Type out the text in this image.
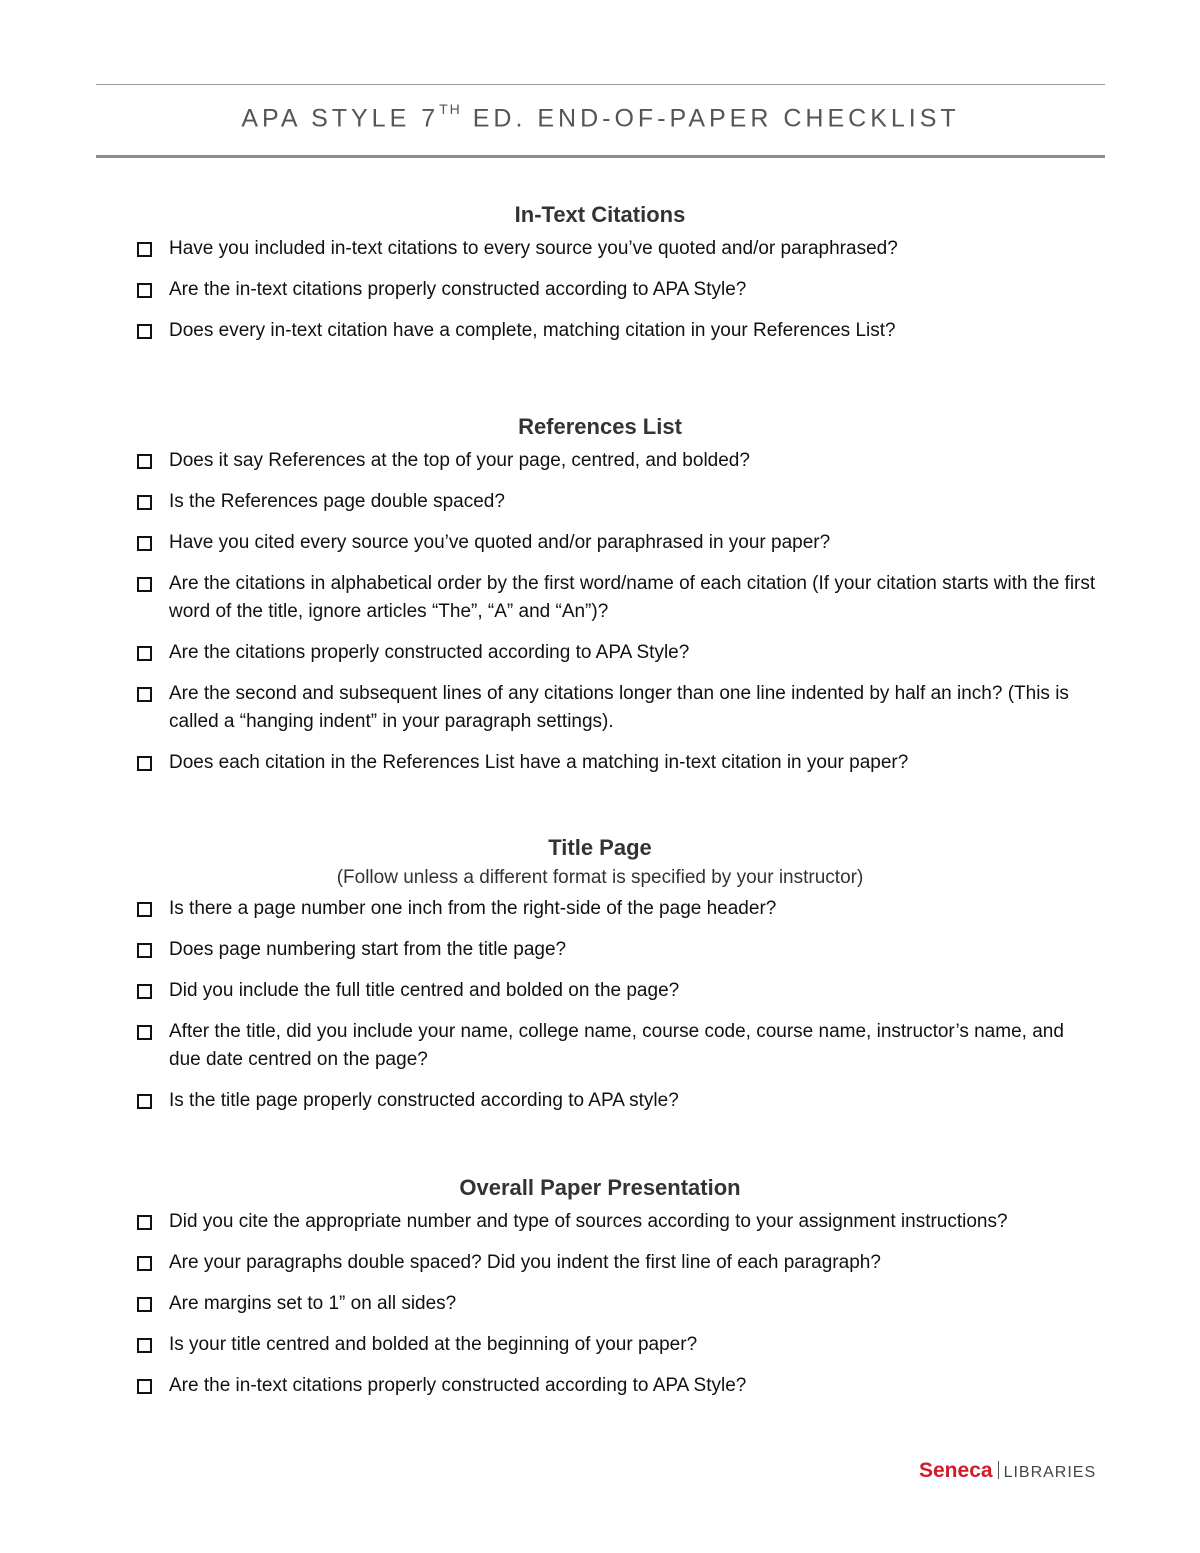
APA STYLE 7TH ED. END-OF-PAPER CHECKLIST
In-Text Citations
Have you included in-text citations to every source you’ve quoted and/or paraphrased?
Are the in-text citations properly constructed according to APA Style?
Does every in-text citation have a complete, matching citation in your References List?
References List
Does it say References at the top of your page, centred, and bolded?
Is the References page double spaced?
Have you cited every source you’ve quoted and/or paraphrased in your paper?
Are the citations in alphabetical order by the first word/name of each citation (If your citation starts with the first word of the title, ignore articles “The”, “A” and “An”)?
Are the citations properly constructed according to APA Style?
Are the second and subsequent lines of any citations longer than one line indented by half an inch? (This is called a “hanging indent” in your paragraph settings).
Does each citation in the References List have a matching in-text citation in your paper?
Title Page

(Follow unless a different format is specified by your instructor)

Is there a page number one inch from the right-side of the page header?
Does page numbering start from the title page?
Did you include the full title centred and bolded on the page?
After the title, did you include your name, college name, course code, course name, instructor’s name, and due date centred on the page?
Is the title page properly constructed according to APA style?
Overall Paper Presentation
Did you cite the appropriate number and type of sources according to your assignment instructions?
Are your paragraphs double spaced? Did you indent the first line of each paragraph?
Are margins set to 1” on all sides?
Is your title centred and bolded at the beginning of your paper?
Are the in-text citations properly constructed according to APA Style?
Seneca LIBRARIES
